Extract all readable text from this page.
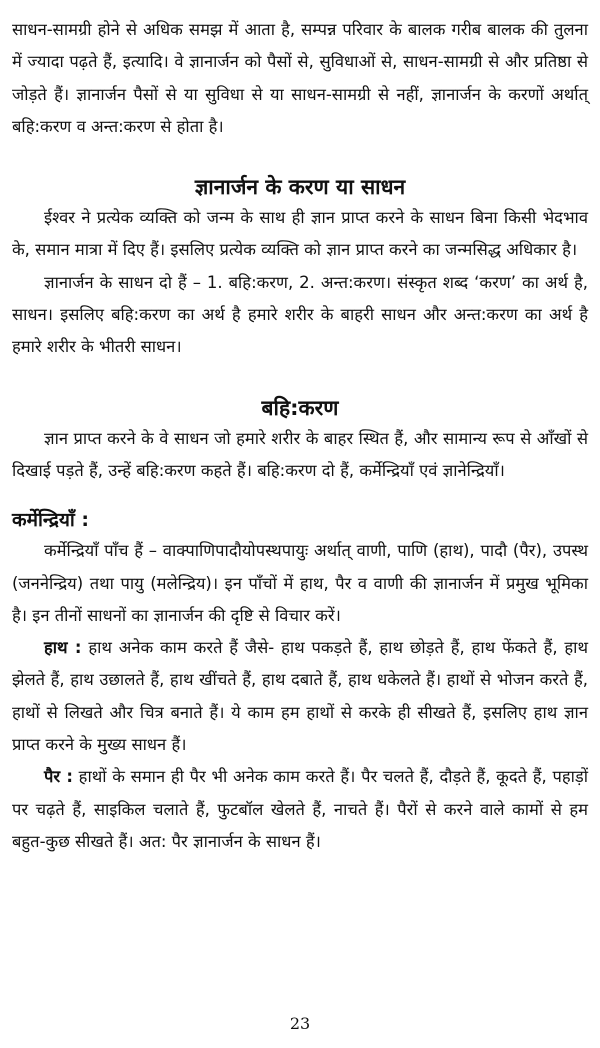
साधन-सामग्री होने से अधिक समझ में आता है, सम्पन्न परिवार के बालक गरीब बालक की तुलना में ज्यादा पढ़ते हैं, इत्यादि। वे ज्ञानार्जन को पैसों से, सुविधाओं से, साधन-सामग्री से और प्रतिष्ठा से जोड़ते हैं। ज्ञानार्जन पैसों से या सुविधा से या साधन-सामग्री से नहीं, ज्ञानार्जन के करणों अर्थात् बहि:करण व अन्त:करण से होता है।

ज्ञानार्जन के करण या साधन

ईश्वर ने प्रत्येक व्यक्ति को जन्म के साथ ही ज्ञान प्राप्त करने के साधन बिना किसी भेदभाव के, समान मात्रा में दिए हैं। इसलिए प्रत्येक व्यक्ति को ज्ञान प्राप्त करने का जन्मसिद्ध अधिकार है।

ज्ञानार्जन के साधन दो हैं – 1. बहि:करण, 2. अन्त:करण। संस्कृत शब्द ‘करण’ का अर्थ है, साधन। इसलिए बहि:करण का अर्थ है हमारे शरीर के बाहरी साधन और अन्त:करण का अर्थ है हमारे शरीर के भीतरी साधन।

बहि:करण

ज्ञान प्राप्त करने के वे साधन जो हमारे शरीर के बाहर स्थित हैं, और सामान्य रूप से आँखों से दिखाई पड़ते हैं, उन्हें बहि:करण कहते हैं। बहि:करण दो हैं, कर्मेन्द्रियाँ एवं ज्ञानेन्द्रियाँ।

कर्मेन्द्रियाँ :

कर्मेन्द्रियाँ पाँच हैं – वाक्पाणिपादौयोपस्थपायुः अर्थात् वाणी, पाणि (हाथ), पादौ (पैर), उपस्थ (जननेन्द्रिय) तथा पायु (मलेन्द्रिय)। इन पाँचों में हाथ, पैर व वाणी की ज्ञानार्जन में प्रमुख भूमिका है। इन तीनों साधनों का ज्ञानार्जन की दृष्टि से विचार करें।

हाथ : हाथ अनेक काम करते हैं जैसे- हाथ पकड़ते हैं, हाथ छोड़ते हैं, हाथ फेंकते हैं, हाथ झेलते हैं, हाथ उछालते हैं, हाथ खींचते हैं, हाथ दबाते हैं, हाथ धकेलते हैं। हाथों से भोजन करते हैं, हाथों से लिखते और चित्र बनाते हैं। ये काम हम हाथों से करके ही सीखते हैं, इसलिए हाथ ज्ञान प्राप्त करने के मुख्य साधन हैं।

पैर : हाथों के समान ही पैर भी अनेक काम करते हैं। पैर चलते हैं, दौड़ते हैं, कूदते हैं, पहाड़ों पर चढ़ते हैं, साइकिल चलाते हैं, फुटबॉल खेलते हैं, नाचते हैं। पैरों से करने वाले कामों से हम बहुत-कुछ सीखते हैं। अत: पैर ज्ञानार्जन के साधन हैं।

23
